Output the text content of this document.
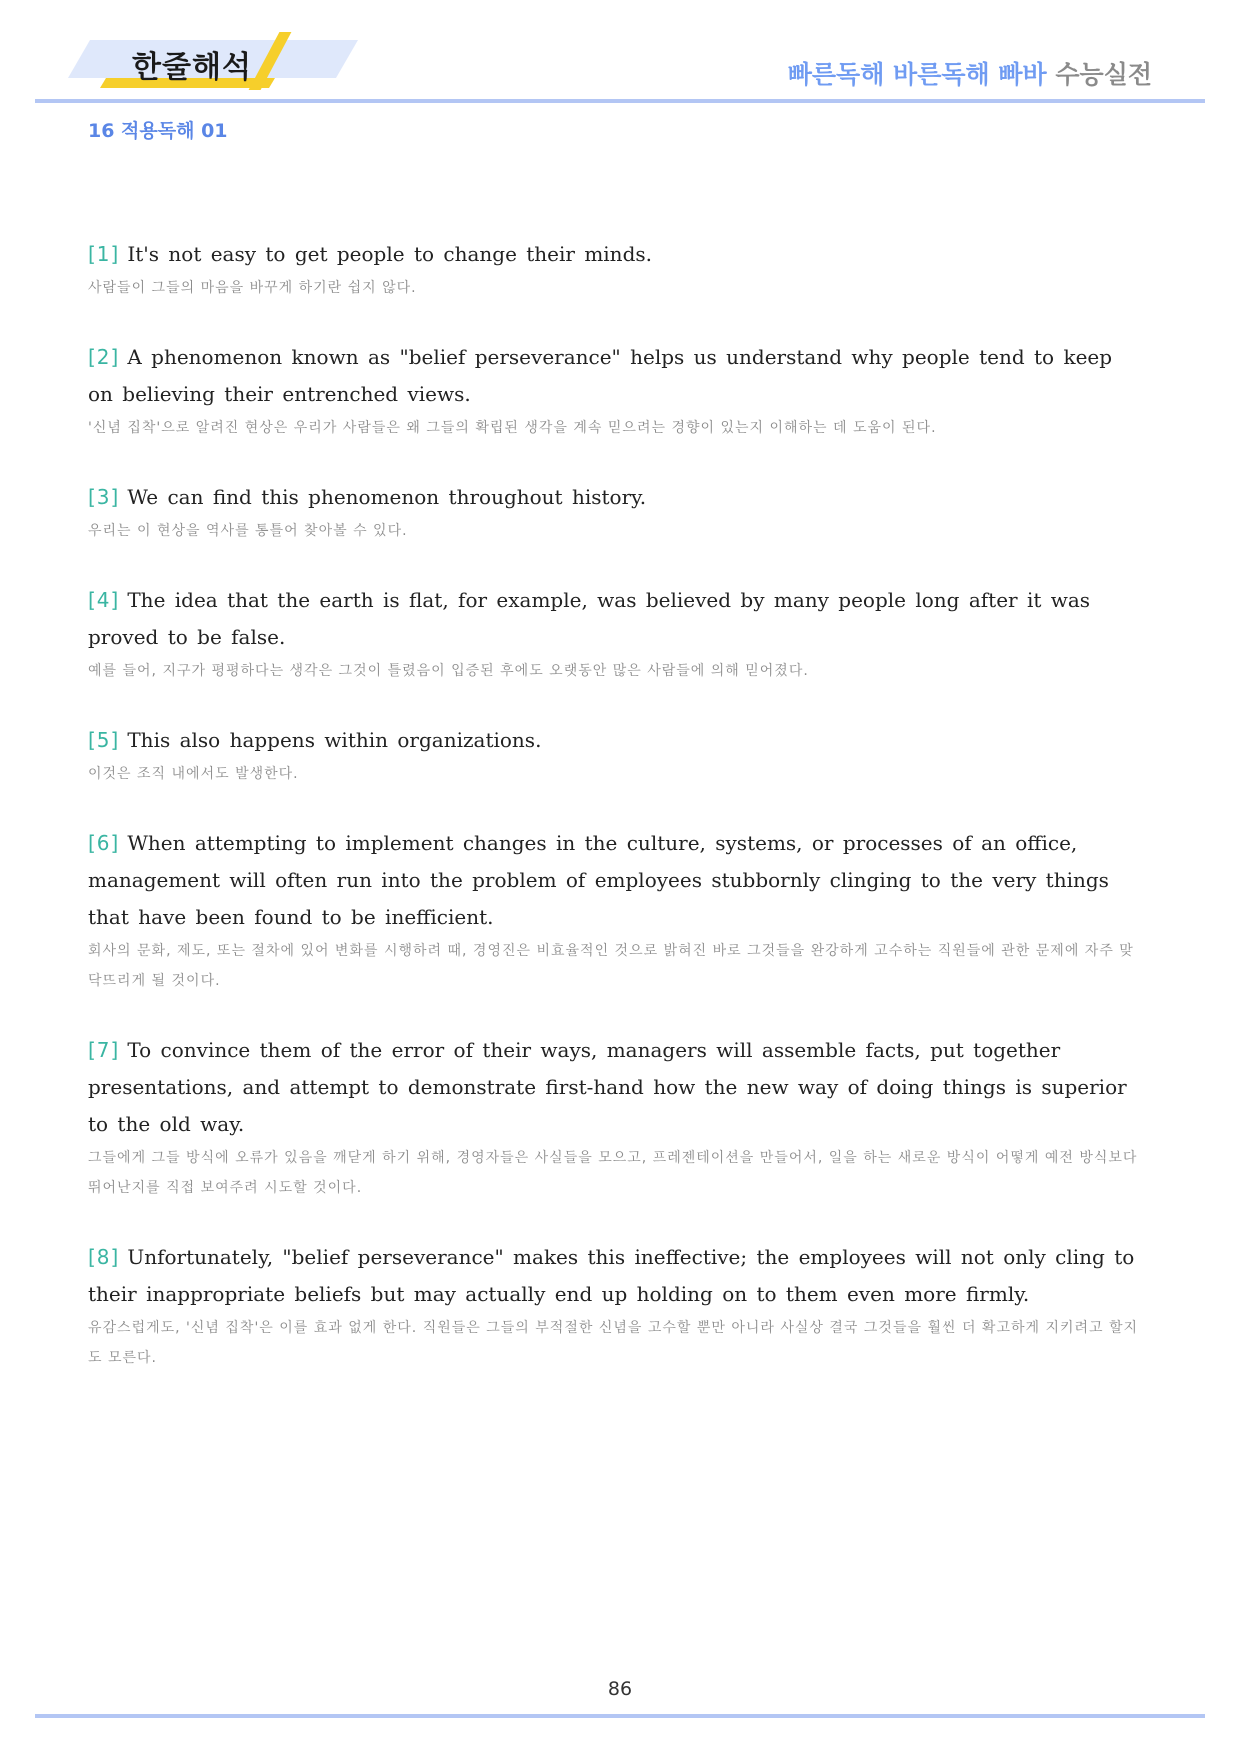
한줄해석	빠른독해 바른독해 빠바 수능실전
16 적용독해 01

[1] It's not easy to get people to change their minds.

사람들이 그들의 마음을 바꾸게 하기란 쉽지 않다.

[2] A phenomenon known as "belief perseverance" helps us understand why people tend to keep on believing their entrenched views.

'신념 집착'으로 알려진 현상은 우리가 사람들은 왜 그들의 확립된 생각을 계속 믿으려는 경향이 있는지 이해하는 데 도움이 된다.

[3] We can find this phenomenon throughout history.

우리는 이 현상을 역사를 통틀어 찾아볼 수 있다.

[4] The idea that the earth is flat, for example, was believed by many people long after it was proved to be false.

예를 들어, 지구가 평평하다는 생각은 그것이 틀렸음이 입증된 후에도 오랫동안 많은 사람들에 의해 믿어졌다.

[5] This also happens within organizations.

이것은 조직 내에서도 발생한다.

[6] When attempting to implement changes in the culture, systems, or processes of an office, management will often run into the problem of employees stubbornly clinging to the very things that have been found to be inefficient.

회사의 문화, 제도, 또는 절차에 있어 변화를 시행하려 때, 경영진은 비효율적인 것으로 밝혀진 바로 그것들을 완강하게 고수하는 직원들에 관한 문제에 자주 맞닥뜨리게 될 것이다.

[7] To convince them of the error of their ways, managers will assemble facts, put together presentations, and attempt to demonstrate first-hand how the new way of doing things is superior to the old way.

그들에게 그들 방식에 오류가 있음을 깨닫게 하기 위해, 경영자들은 사실들을 모으고, 프레젠테이션을 만들어서, 일을 하는 새로운 방식이 어떻게 예전 방식보다 뛰어난지를 직접 보여주려 시도할 것이다.

[8] Unfortunately, "belief perseverance" makes this ineffective; the employees will not only cling to their inappropriate beliefs but may actually end up holding on to them even more firmly.

유감스럽게도, '신념 집착'은 이를 효과 없게 한다. 직원들은 그들의 부적절한 신념을 고수할 뿐만 아니라 사실상 결국 그것들을 훨씬 더 확고하게 지키려고 할지도 모른다.

86
